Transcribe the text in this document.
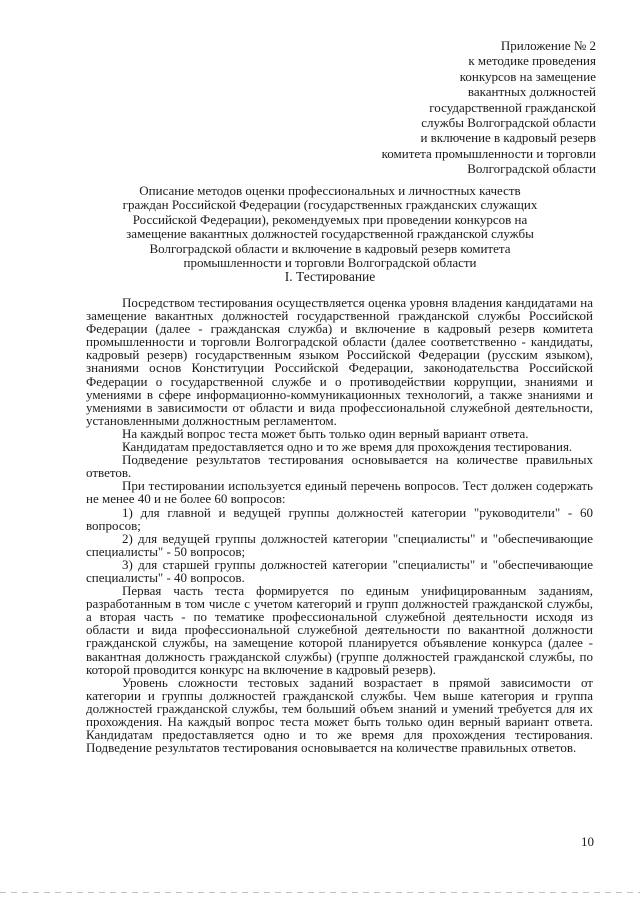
Приложение № 2
к методике проведения
конкурсов на замещение
вакантных должностей
государственной гражданской
службы Волгоградской области
и включение в кадровый резерв
комитета промышленности и торговли
Волгоградской области
Описание методов оценки профессиональных и личностных качеств
граждан Российской Федерации (государственных гражданских служащих
Российской Федерации), рекомендуемых при проведении конкурсов на
замещение вакантных должностей государственной гражданской службы
Волгоградской области и включение в кадровый резерв комитета
промышленности и торговли Волгоградской области
I. Тестирование

Посредством тестирования осуществляется оценка уровня владения кандидатами на замещение вакантных должностей государственной гражданской службы Российской Федерации (далее - гражданская служба) и включение в кадровый резерв комитета промышленности и торговли Волгоградской области (далее соответственно - кандидаты, кадровый резерв) государственным языком Российской Федерации (русским языком), знаниями основ Конституции Российской Федерации, законодательства Российской Федерации о государственной службе и о противодействии коррупции, знаниями и умениями в сфере информационно-коммуникационных технологий, а также знаниями и умениями в зависимости от области и вида профессиональной служебной деятельности, установленными должностным регламентом.

На каждый вопрос теста может быть только один верный вариант ответа.

Кандидатам предоставляется одно и то же время для прохождения тестирования.

Подведение результатов тестирования основывается на количестве правильных ответов.

При тестировании используется единый перечень вопросов. Тест должен содержать не менее 40 и не более 60 вопросов:

1) для главной и ведущей группы должностей категории "руководители" - 60 вопросов;

2) для ведущей группы должностей категории "специалисты" и "обеспечивающие специалисты" - 50 вопросов;

3) для старшей группы должностей категории "специалисты" и "обеспечивающие специалисты" - 40 вопросов.

Первая часть теста формируется по единым унифицированным заданиям, разработанным в том числе с учетом категорий и групп должностей гражданской службы, а вторая часть - по тематике профессиональной служебной деятельности исходя из области и вида профессиональной служебной деятельности по вакантной должности гражданской службы, на замещение которой планируется объявление конкурса (далее - вакантная должность гражданской службы) (группе должностей гражданской службы, по которой проводится конкурс на включение в кадровый резерв).

Уровень сложности тестовых заданий возрастает в прямой зависимости от категории и группы должностей гражданской службы. Чем выше категория и группа должностей гражданской службы, тем больший объем знаний и умений требуется для их прохождения. На каждый вопрос теста может быть только один верный вариант ответа. Кандидатам предоставляется одно и то же время для прохождения тестирования. Подведение результатов тестирования основывается на количестве правильных ответов.

10
